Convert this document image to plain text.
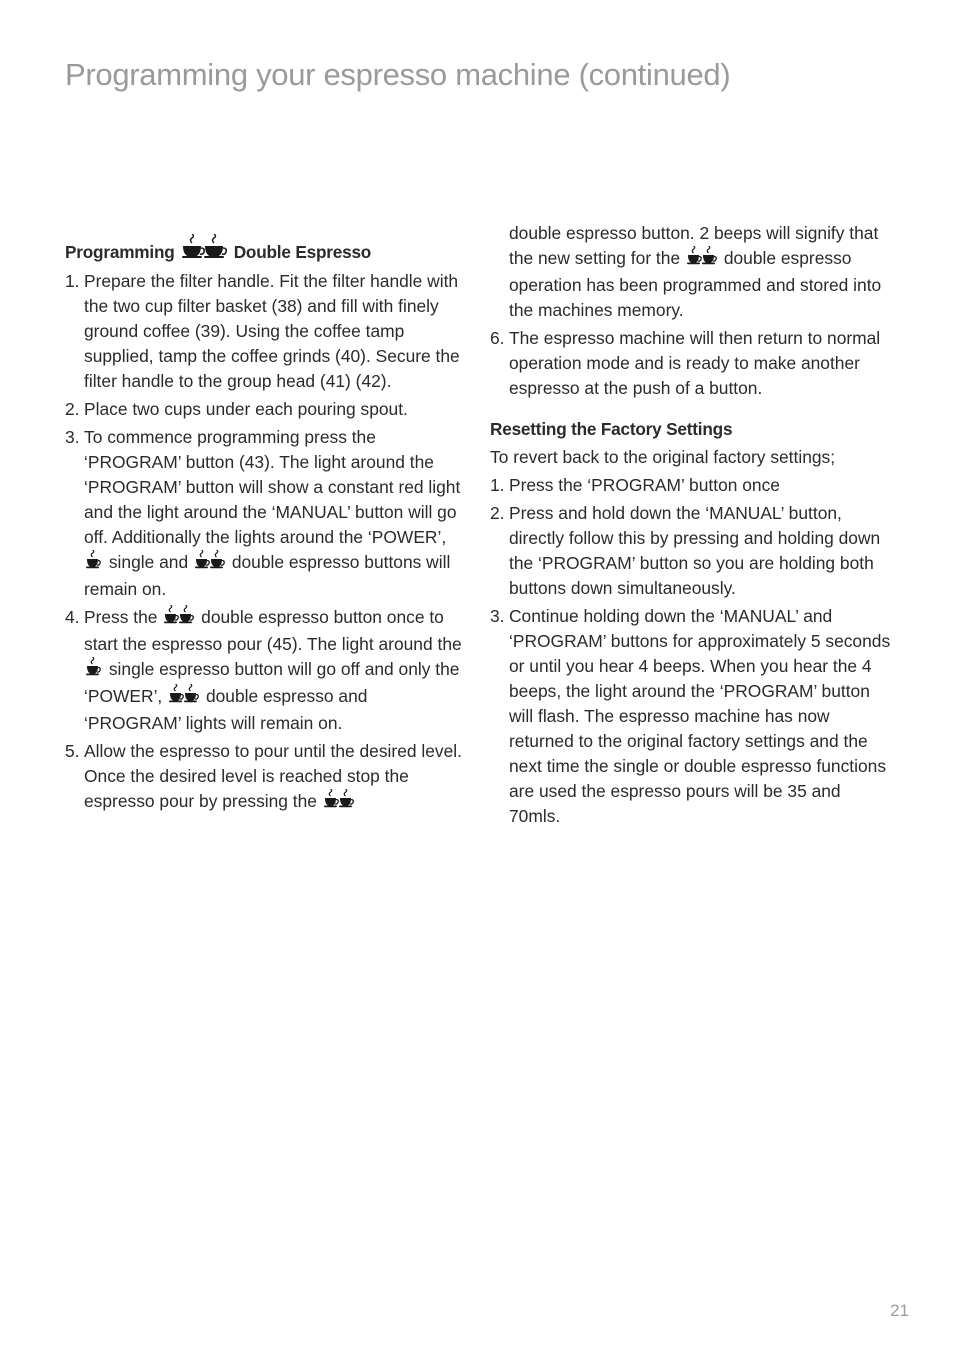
Programming your espresso machine (continued)
Programming	Double Espresso
1. Prepare the filter handle. Fit the filter handle with the two cup filter basket (38) and fill with finely ground coffee (39). Using the coffee tamp supplied, tamp the coffee grinds (40). Secure the filter handle to the group head (41) (42).
2. Place two cups under each pouring spout.
3. To commence programming press the ‘PROGRAM’ button (43). The light around the ‘PROGRAM’ button will show a constant red light and the light around the ‘MANUAL’ button will go off. Additionally the lights around the ‘POWER’,  single and	double espresso buttons will remain on.
4. Press the	double espresso button once to start the espresso pour (45). The light around the  single espresso button will go off and only the ‘POWER’,	double espresso and ‘PROGRAM’ lights will remain on.
5. Allow the espresso to pour until the desired level. Once the desired level is reached stop the espresso pour by pressing the
double espresso button. 2 beeps will signify that the new setting for the	double espresso operation has been programmed and stored into the machines memory.
6. The espresso machine will then return to normal operation mode and is ready to make another espresso at the push of a button.
Resetting the Factory Settings
To revert back to the original factory settings;
1. Press the ‘PROGRAM’ button once
2. Press and hold down the ‘MANUAL’ button, directly follow this by pressing and holding down the ‘PROGRAM’ button so you are holding both buttons down simultaneously.
3. Continue holding down the ‘MANUAL’ and ‘PROGRAM’ buttons for approximately 5 seconds or until you hear 4 beeps. When you hear the 4 beeps, the light around the ‘PROGRAM’ button will flash. The espresso machine has now returned to the original factory settings and the next time the single or double espresso functions are used the espresso pours will be 35 and 70mls.
21
